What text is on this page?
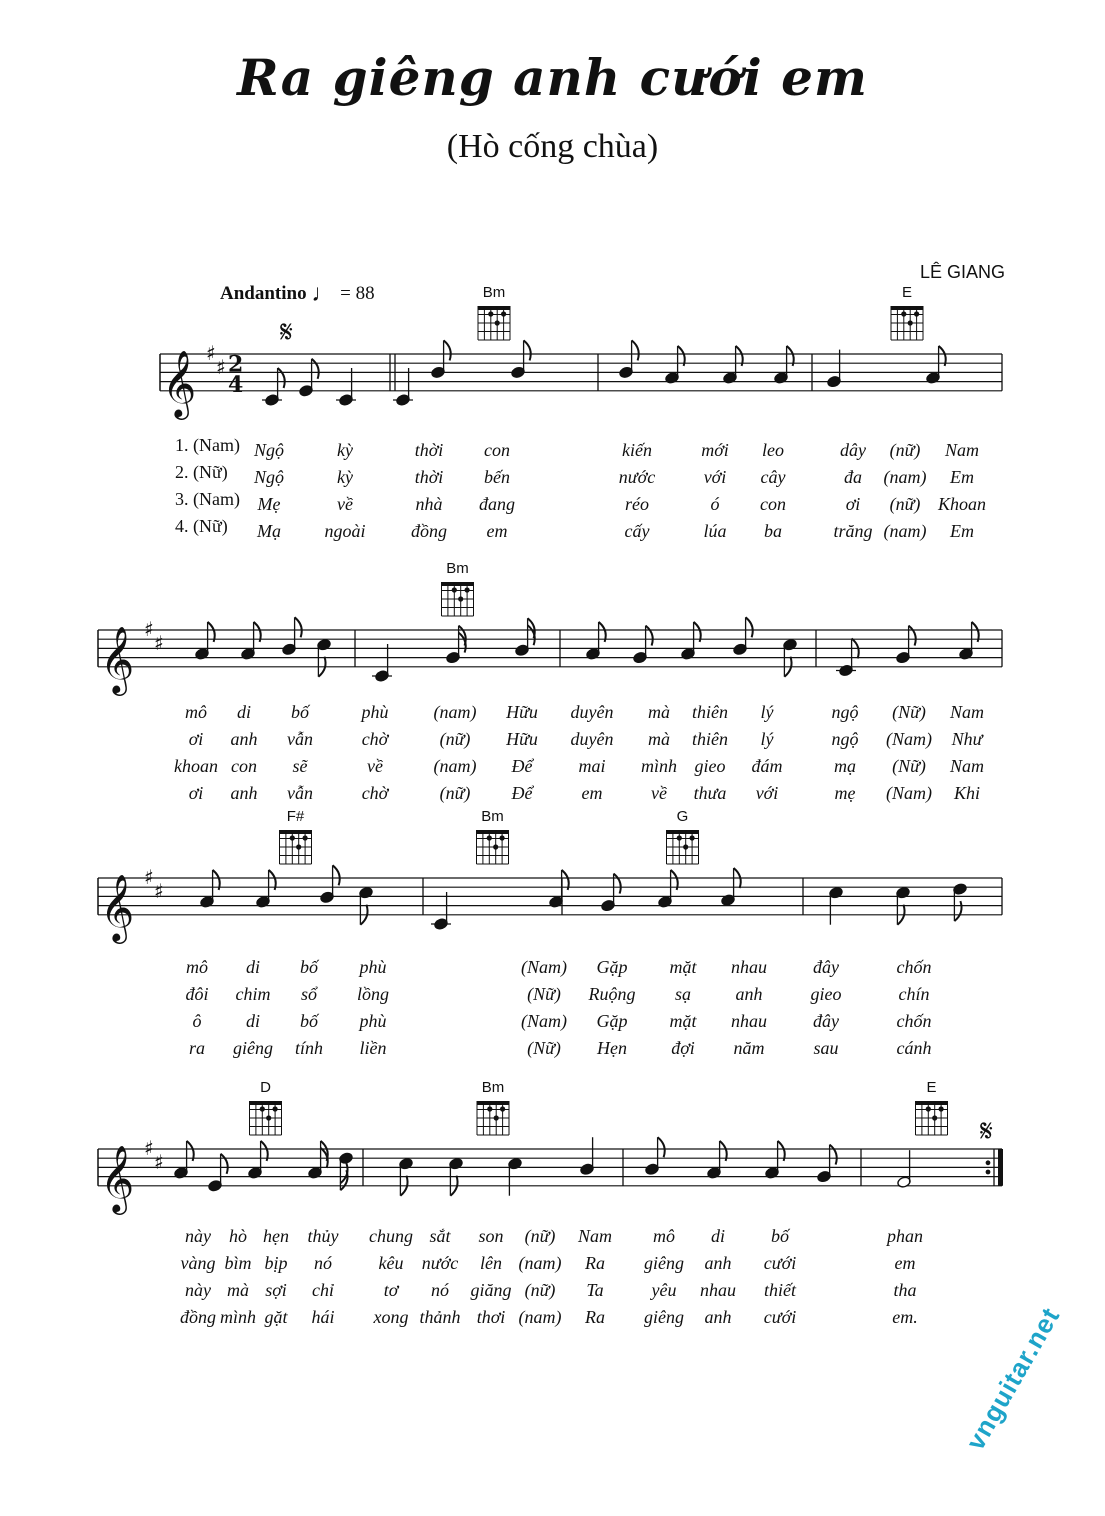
Ra giêng anh cưới em
(Hò cống chùa)
LÊ GIANG
Andantino ♩ = 88
𝄞 ♯
♯ 2
4
𝄋
𝄞 ♯
♯
𝄞 ♯
♯
𝄞 ♯
♯
𝄋
Bm	E
1. (Nam)
2. (Nữ)
3. (Nam)
4. (Nữ)
Ngộ	kỳ	thời con	kiến	mới leo	dây (nữ) Nam
Ngộ	kỳ	thời bến	nước	với cây	đa (nam) Em
Mẹ	về	nhà đang	réo	ó con	ơi (nữ) Khoan
Mạ ngoài	đồng em	cấy	lúa ba	trăng (nam) Em
Bm
mô di bố	phù	(nam) Hữu duyên mà thiên lý	ngộ (Nữ) Nam
ơi anh vẫn	chờ	(nữ) Hữu duyên mà thiên lý	ngộ (Nam) Như
khoan con sẽ	về	(nam) Để	mai mình gieo đám	mạ (Nữ) Nam
ơi anh vẫn	chờ	(nữ) Để	em	về thưa với	mẹ (Nam) Khi
F#	Bm	G
mô di bố phù	(Nam) Gặp mặt nhau	đây	chốn
đôi chim sổ lồng	(Nữ) Ruộng sạ anh	gieo	chín
ô di bố phù	(Nam) Gặp mặt nhau	đây	chốn
ra giêng tính liền	(Nữ) Hẹn đợi năm	sau	cánh
D	Bm	E
này hò hẹn thủy chung sắt son (nữ) Nam mô di	bố	phan
vàng bìm bịp nó	kêu nước lên (nam) Ra giêng anh cưới	em
này mà sợi chỉ	tơ nó giăng (nữ) Ta	yêu nhau thiết	tha
đồng mình gặt hái xong thảnh thơi (nam) Ra giêng anh cưới	em. vnguitar.net
